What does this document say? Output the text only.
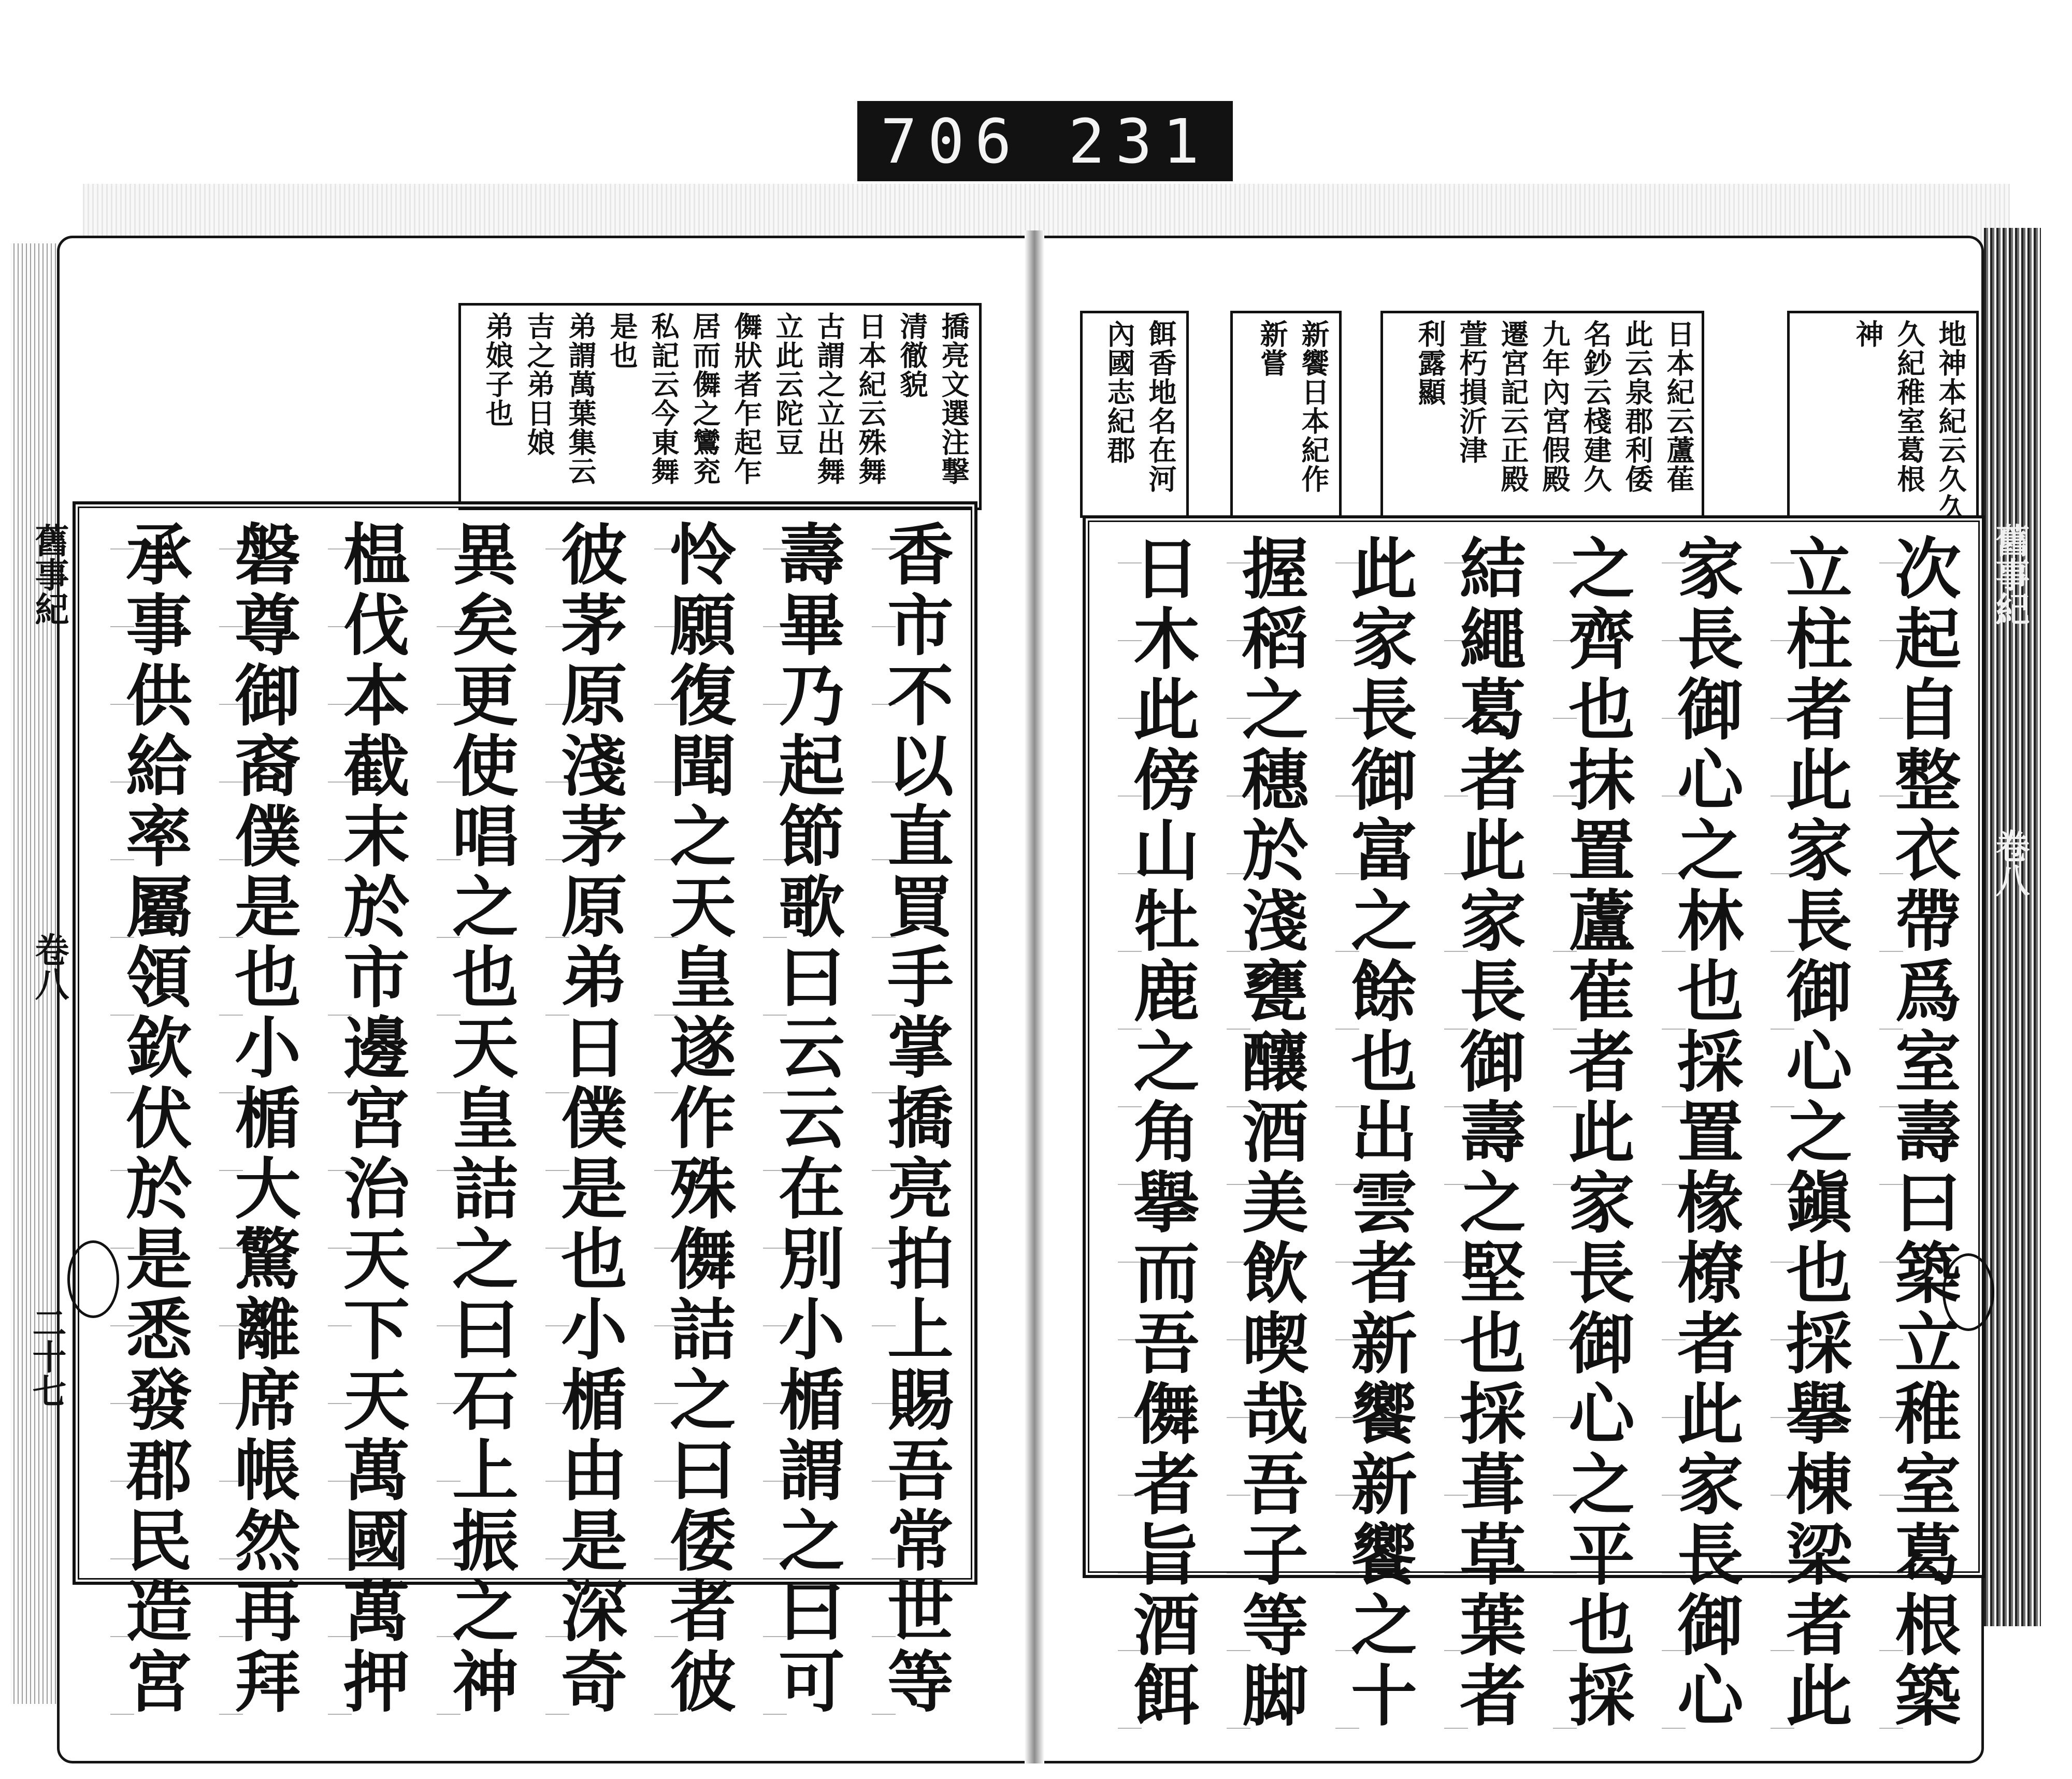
706 231
撟亮文選注撃
清徹貌
日本紀云殊舞
古謂之立出舞
立此云陀豆
儛狀者乍起乍
居而儛之鸞兖
私記云今東舞
是也
弟謂萬葉集云
吉之弟日娘
弟娘子也
香市不以直買手掌撟亮拍上賜吾常世等
壽畢乃起節歌曰云云在別小楯謂之曰可
怜願復聞之天皇遂作殊儛詰之曰倭者彼
彼茅原淺茅原弟日僕是也小楯由是深奇
異矣更使唱之也天皇詰之曰石上振之神
榅伐本截末於市邊宮治天下天萬國萬押
磐尊御裔僕是也小楯大驚離席帳然再拜
承事供給率屬領欽伏於是悉發郡民造宮
舊事紀
卷八
二十七
地神本紀云久久
久紀稚室葛根
神
日本紀云蘆萑
此云泉郡利倭
名鈔云棧建久
九年內宮假殿
遷宮記云正殿
萱朽損沂津
利露顯
新饗日本紀作
新嘗
餌香地名在河
內國志紀郡
次起自整衣帶爲室壽曰築立稚室葛根築
立柱者此家長御心之鎭也採擧棟梁者此
家長御心之林也採置椽橑者此家長御心
之齊也抹置蘆萑者此家長御心之平也採
結繩葛者此家長御壽之堅也採葺草葉者
此家長御富之餘也出雲者新饗新饗之十
握稻之穗於淺甕釀酒美飲喫哉吾子等脚
日木此傍山牡鹿之角擧而吾儛者旨酒餌	舊事紀
卷八
